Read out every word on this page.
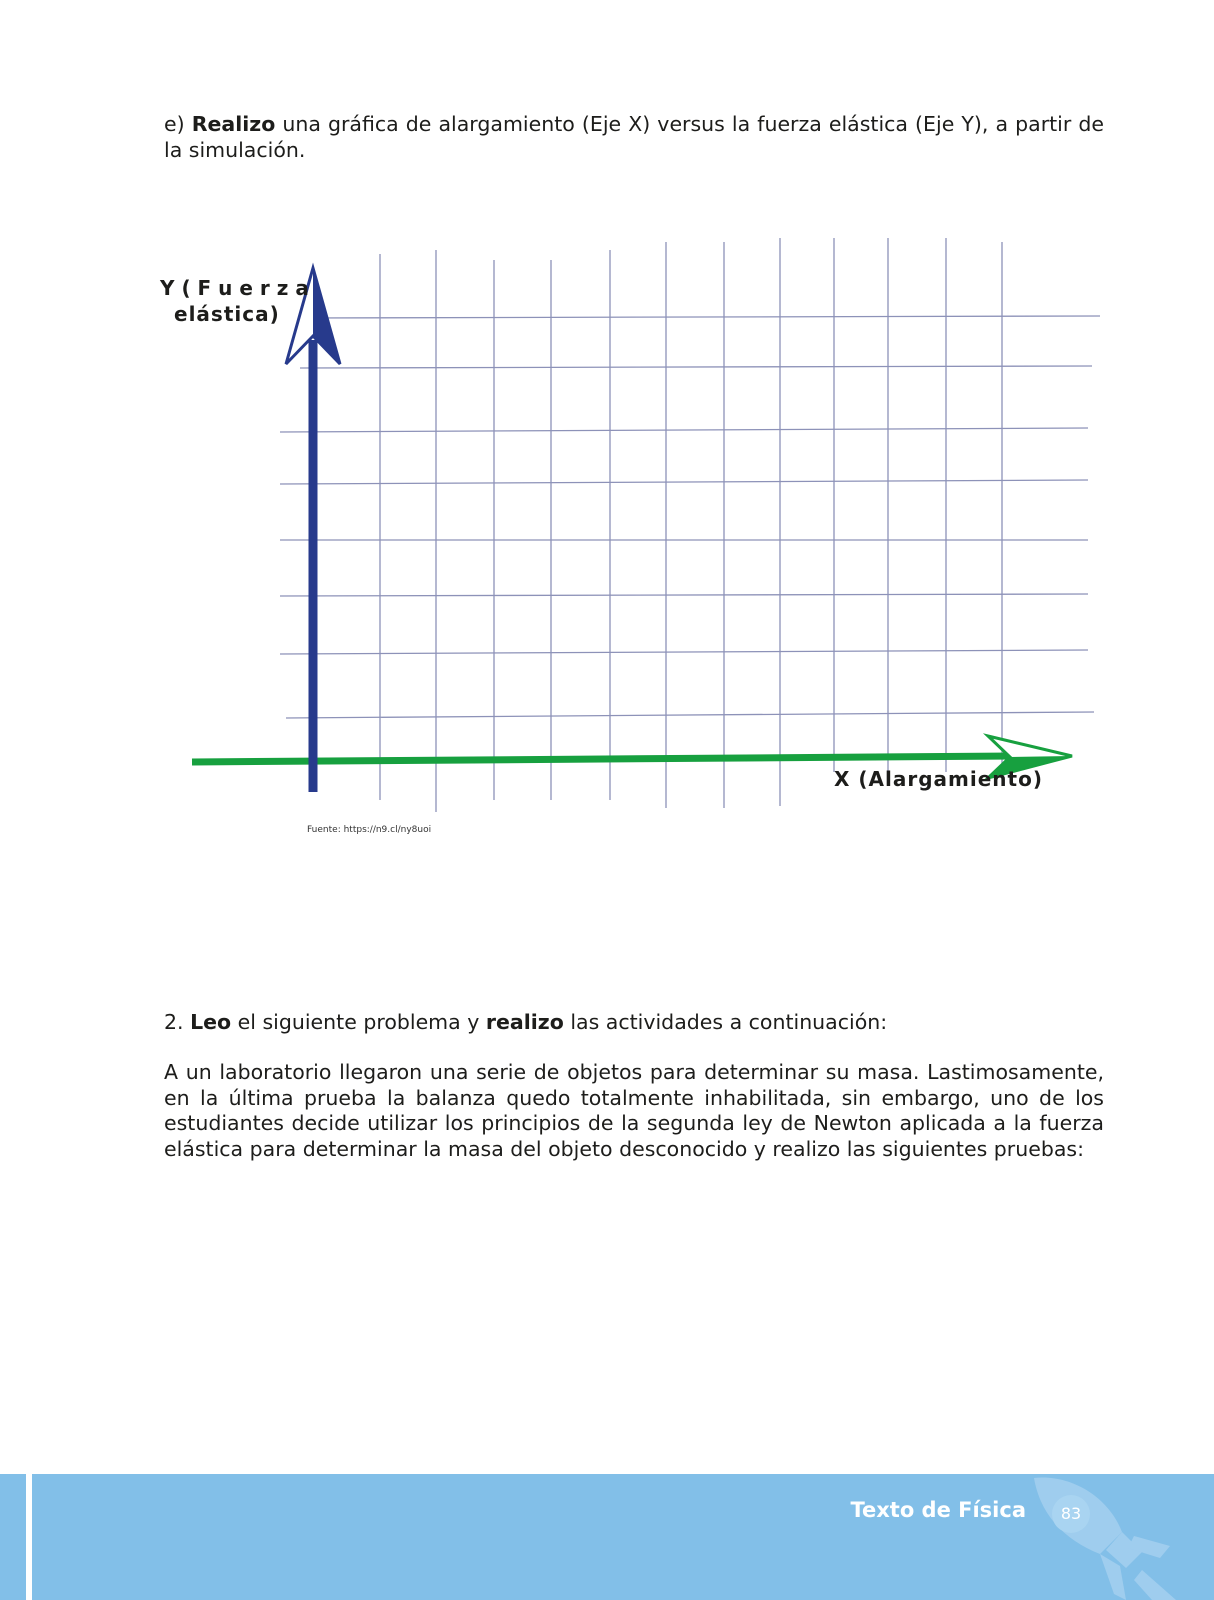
e) Realizo una gráfica de alargamiento (Eje X) versus la fuerza elástica (Eje Y), a partir de la simulación.

Y ( F u e r z a
elástica)
X (Alargamiento)
Fuente: https://n9.cl/ny8uoi

2. Leo el siguiente problema y realizo las actividades a continuación:

A un laboratorio llegaron una serie de objetos para determinar su masa. Lastimosamente, en la última prueba la balanza quedo totalmente inhabilitada, sin embargo, uno de los estudiantes decide utilizar los principios de la segunda ley de Newton aplicada a la fuerza elástica para determinar la masa del objeto desconocido y realizo las siguientes pruebas:

Texto de Física	83
